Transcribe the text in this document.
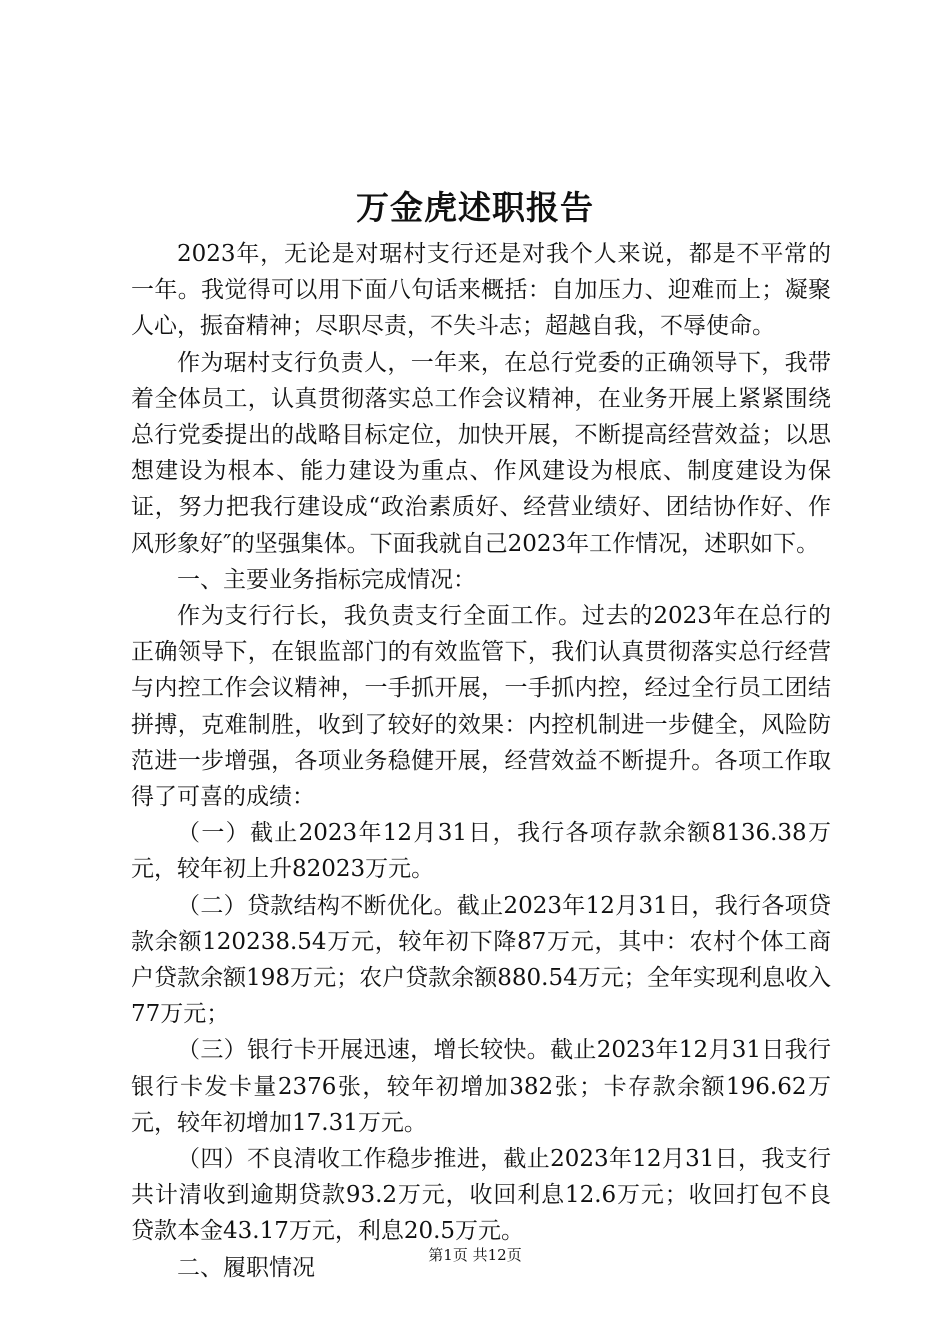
万金虎述职报告

2023年，无论是对琚村支行还是对我个人来说，都是不平常的一年。我觉得可以用下面八句话来概括：自加压力、迎难而上；凝聚人心，振奋精神；尽职尽责，不失斗志；超越自我，不辱使命。

作为琚村支行负责人，一年来，在总行党委的正确领导下，我带着全体员工，认真贯彻落实总工作会议精神，在业务开展上紧紧围绕总行党委提出的战略目标定位，加快开展，不断提高经营效益；以思想建设为根本、能力建设为重点、作风建设为根底、制度建设为保证，努力把我行建设成“政治素质好、经营业绩好、团结协作好、作风形象好″的坚强集体。下面我就自己2023年工作情况，述职如下。

一、主要业务指标完成情况：

作为支行行长，我负责支行全面工作。过去的2023年在总行的正确领导下，在银监部门的有效监管下，我们认真贯彻落实总行经营与内控工作会议精神，一手抓开展，一手抓内控，经过全行员工团结拼搏，克难制胜，收到了较好的效果：内控机制进一步健全，风险防范进一步增强，各项业务稳健开展，经营效益不断提升。各项工作取得了可喜的成绩：

（一）截止2023年12月31日，我行各项存款余额8136.38万元，较年初上升82023万元。

（二）贷款结构不断优化。截止2023年12月31日，我行各项贷款余额120238.54万元，较年初下降87万元，其中：农村个体工商户贷款余额198万元；农户贷款余额880.54万元；全年实现利息收入77万元；

（三）银行卡开展迅速，增长较快。截止2023年12月31日我行银行卡发卡量2376张，较年初增加382张；卡存款余额196.62万元，较年初增加17.31万元。

（四）不良清收工作稳步推进，截止2023年12月31日，我支行共计清收到逾期贷款93.2万元，收回利息12.6万元；收回打包不良贷款本金43.17万元，利息20.5万元。

二、履职情况	第1页 共12页
